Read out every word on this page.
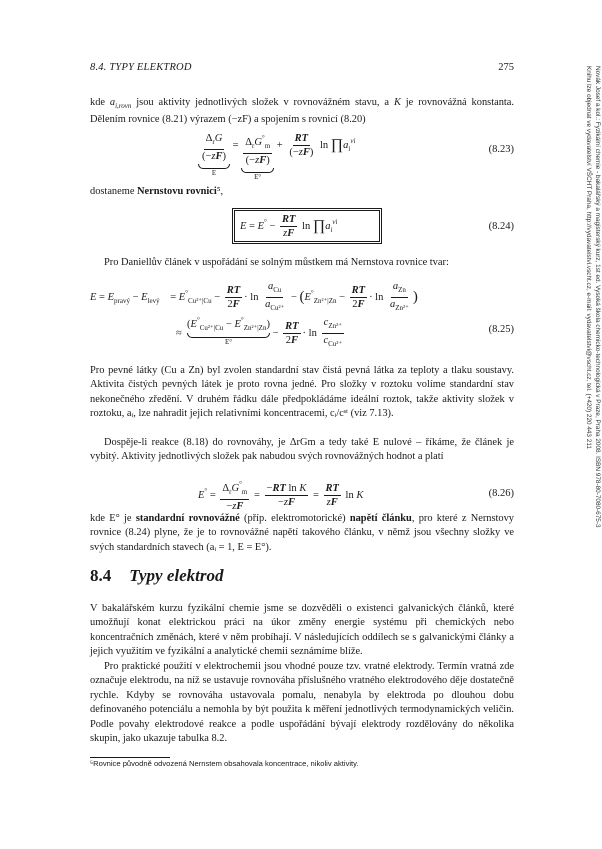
8.4. TYPY ELEKTROD	275
kde $a_{i,rovn}$ jsou aktivity jednotlivých složek v rovnovážném stavu, a K je rovnovážná konstanta. Dělením rovnice (8.21) výrazem (−zF) a spojením s rovnicí (8.20)
$\frac{\Delta_rG}{(-zF)}$
E
= $\frac{\Delta_rG^\circ_m}{(-zF)}$
E°
+ $\frac{RT}{(-zF)}$ $\ln \prod a_i^{\nu i}$
(8.23)
dostaneme Nernstovu rovnici⁵,
$E = E^\circ - \frac{RT}{zF}$ $\ln \prod a_i^{\nu i}$	(8.24)
Pro Daniellův článek v uspořádání se solným můstkem má Nernstova rovnice tvar:
$E = E_{pravý} - E_{levý} = E^\circ_{Cu^{2+}|Cu} - \frac{RT}{2F} \cdot \ln \frac{a_{Cu}}{a_{Cu^{2+}}} - (E^\circ_{Zn^{2+}|Zn} - \frac{RT}{2F} \cdot \ln \frac{a_{Zn}}{a_{Zn^{2+}}}$ )
≈
$(E^\circ_{Cu^{2+}|Cu} - E^\circ_{Zn^{2+}|Zn})$
E°
− $\frac{RT}{2F} \cdot \ln \frac{c_{Zn^{2+}}}{c_{Cu^{2+}}}$	(8.25)
Pro pevné látky (Cu a Zn) byl zvolen standardní stav čistá pevná látka za teploty a tlaku soustavy. Aktivita čistých pevných látek je proto rovna jedné. Pro složky v roztoku volíme standardní stav nekonečného zředění. V druhém řádku dále předpokládáme ideální roztok, takže aktivity složek v roztoku, aᵢ, lze nahradit jejich relativními koncentracemi, cᵢ/cˢᵗ (viz 7.13).
Dospěje-li reakce (8.18) do rovnováhy, je ΔrGm a tedy také E nulové – říkáme, že článek je vybitý. Aktivity jednotlivých složek pak nabudou svých rovnovážných hodnot a platí
$E^\circ = \frac{\Delta_rG^\circ_m}{-zF} = \frac{\text{−RT ln K}}{-zF} = \frac{RT}{zF}$ ln K	(8.26)
kde E° je standardní rovnovážné (příp. elektromotorické) napětí článku, pro které z Nernstovy rovnice (8.24) plyne, že je to rovnovážné napětí takového článku, v němž jsou všechny složky ve svých standardních stavech (aᵢ = 1, E = E°).
8.4 Typy elektrod
V bakalářském kurzu fyzikální chemie jsme se dozvěděli o existenci galvanických článků, které umožňují konat elektrickou práci na úkor změny energie systému při chemických nebo koncentračních změnách, které v něm probíhají. V následujících oddílech se s galvanickými články a jejich využitím ve fyzikální a analytické chemii seznámíme blíže.
Pro praktické použití v elektrochemii jsou vhodné pouze tzv. vratné elektrody. Termín vratná zde označuje elektrodu, na níž se ustavuje rovnováha příslušného vratného elektrodového děje dostatečně rychle. Kdyby se rovnováha ustavovala pomalu, nenabyla by elektroda po dlouhou dobu definovaného potenciálu a nemohla by být použita k měření jednotlivých termodynamických veličin. Podle povahy elektrodové reakce a podle uspořádání bývají elektrody rozdělovány do několika skupin, jako ukazuje tabulka 8.2.
⁵Rovnice původně odvozená Nernstem obsahovala koncentrace, nikoliv aktivity.
Novák Josef a kol.: Fyzikální chemie - bakalářský a magisterský kurz, 1st ed. Vysoká škola chemicko-technologická v Praze, Praha 2008. ISBN 978-80-7080-675-3
Knihu lze objednat ve vydavatelství VŠCHT Praha, http://vydavatelstvi.vscht.cz, e-mail: vydavatelstvi@vscht.cz, tel. (+420) 220 443 211
